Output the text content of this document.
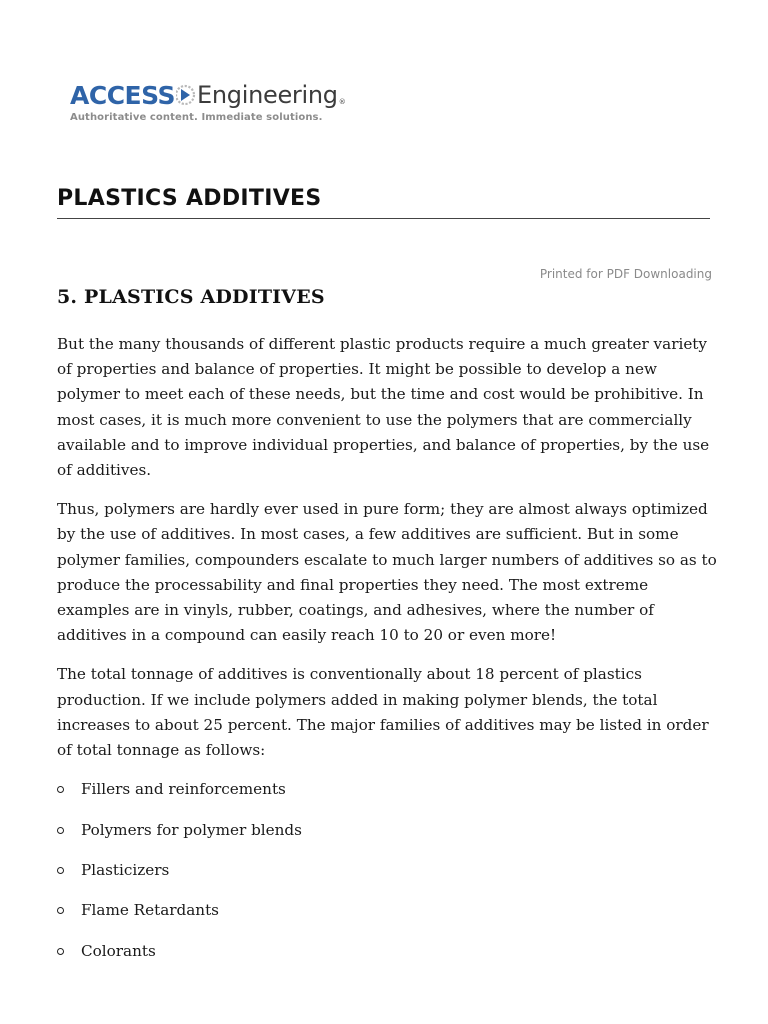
ACCESS Engineering ®
Authoritative content. Immediate solutions.
PLASTICS ADDITIVES
Printed for PDF Downloading
5. PLASTICS ADDITIVES

But the many thousands of different plastic products require a much greater variety of properties and balance of properties. It might be possible to develop a new polymer to meet each of these needs, but the time and cost would be prohibitive. In most cases, it is much more convenient to use the polymers that are commercially available and to improve individual properties, and balance of properties, by the use of additives.

Thus, polymers are hardly ever used in pure form; they are almost always optimized by the use of additives. In most cases, a few additives are sufficient. But in some polymer families, compounders escalate to much larger numbers of additives so as to produce the processability and final properties they need. The most extreme examples are in vinyls, rubber, coatings, and adhesives, where the number of additives in a compound can easily reach 10 to 20 or even more!

The total tonnage of additives is conventionally about 18 percent of plastics production. If we include polymers added in making polymer blends, the total increases to about 25 percent. The major families of additives may be listed in order of total tonnage as follows:

Fillers and reinforcements
Polymers for polymer blends
Plasticizers
Flame Retardants
Colorants
